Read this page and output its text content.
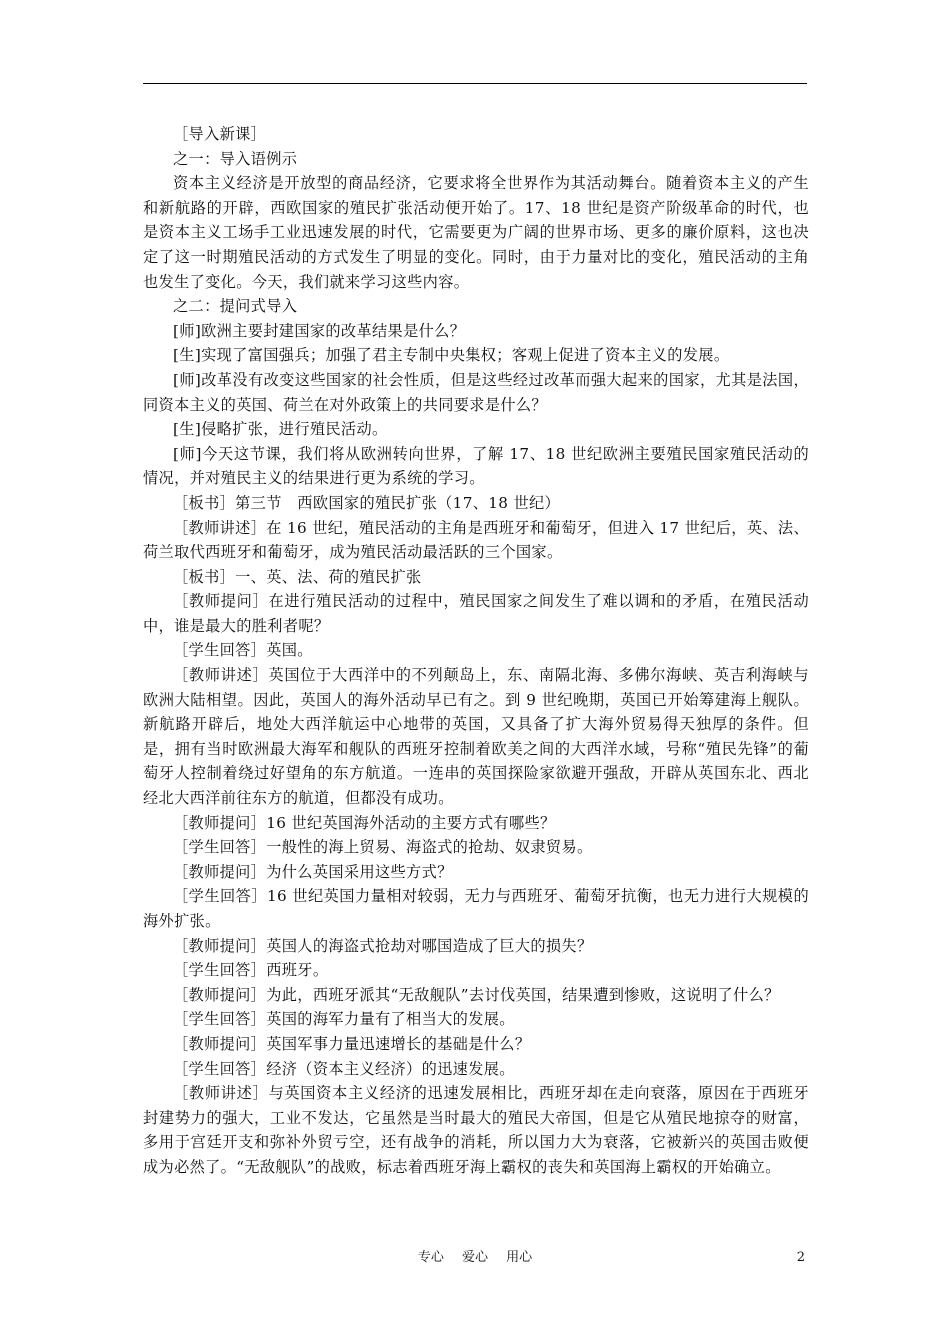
［导入新课］

之一：导入语例示

资本主义经济是开放型的商品经济，它要求将全世界作为其活动舞台。随着资本主义的产生和新航路的开辟，西欧国家的殖民扩张活动便开始了。17、18 世纪是资产阶级革命的时代，也是资本主义工场手工业迅速发展的时代，它需要更为广阔的世界市场、更多的廉价原料，这也决定了这一时期殖民活动的方式发生了明显的变化。同时，由于力量对比的变化，殖民活动的主角也发生了变化。今天，我们就来学习这些内容。

之二：提问式导入

[师]欧洲主要封建国家的改革结果是什么？

[生]实现了富国强兵；加强了君主专制中央集权；客观上促进了资本主义的发展。

[师]改革没有改变这些国家的社会性质，但是这些经过改革而强大起来的国家，尤其是法国，同资本主义的英国、荷兰在对外政策上的共同要求是什么？

[生]侵略扩张，进行殖民活动。

[师]今天这节课，我们将从欧洲转向世界，了解 17、18 世纪欧洲主要殖民国家殖民活动的情况，并对殖民主义的结果进行更为系统的学习。

［板书］第三节　西欧国家的殖民扩张（17、18 世纪）

［教师讲述］在 16 世纪，殖民活动的主角是西班牙和葡萄牙，但进入 17 世纪后，英、法、荷兰取代西班牙和葡萄牙，成为殖民活动最活跃的三个国家。

［板书］一、英、法、荷的殖民扩张

［教师提问］在进行殖民活动的过程中，殖民国家之间发生了难以调和的矛盾，在殖民活动中，谁是最大的胜利者呢？

［学生回答］英国。

［教师讲述］英国位于大西洋中的不列颠岛上，东、南隔北海、多佛尔海峡、英吉利海峡与欧洲大陆相望。因此，英国人的海外活动早已有之。到 9 世纪晚期，英国已开始筹建海上舰队。新航路开辟后，地处大西洋航运中心地带的英国，又具备了扩大海外贸易得天独厚的条件。但是，拥有当时欧洲最大海军和舰队的西班牙控制着欧美之间的大西洋水域，号称“殖民先锋”的葡萄牙人控制着绕过好望角的东方航道。一连串的英国探险家欲避开强敌，开辟从英国东北、西北经北大西洋前往东方的航道，但都没有成功。

［教师提问］16 世纪英国海外活动的主要方式有哪些？

［学生回答］一般性的海上贸易、海盗式的抢劫、奴隶贸易。

［教师提问］为什么英国采用这些方式？

［学生回答］16 世纪英国力量相对较弱，无力与西班牙、葡萄牙抗衡，也无力进行大规模的海外扩张。

［教师提问］英国人的海盗式抢劫对哪国造成了巨大的损失？

［学生回答］西班牙。

［教师提问］为此，西班牙派其“无敌舰队”去讨伐英国，结果遭到惨败，这说明了什么？

［学生回答］英国的海军力量有了相当大的发展。

［教师提问］英国军事力量迅速增长的基础是什么？

［学生回答］经济（资本主义经济）的迅速发展。

［教师讲述］与英国资本主义经济的迅速发展相比，西班牙却在走向衰落，原因在于西班牙封建势力的强大，工业不发达，它虽然是当时最大的殖民大帝国，但是它从殖民地掠夺的财富，多用于宫廷开支和弥补外贸亏空，还有战争的消耗，所以国力大为衰落，它被新兴的英国击败便成为必然了。“无敌舰队”的战败，标志着西班牙海上霸权的丧失和英国海上霸权的开始确立。

专心 爱心 用心	2
